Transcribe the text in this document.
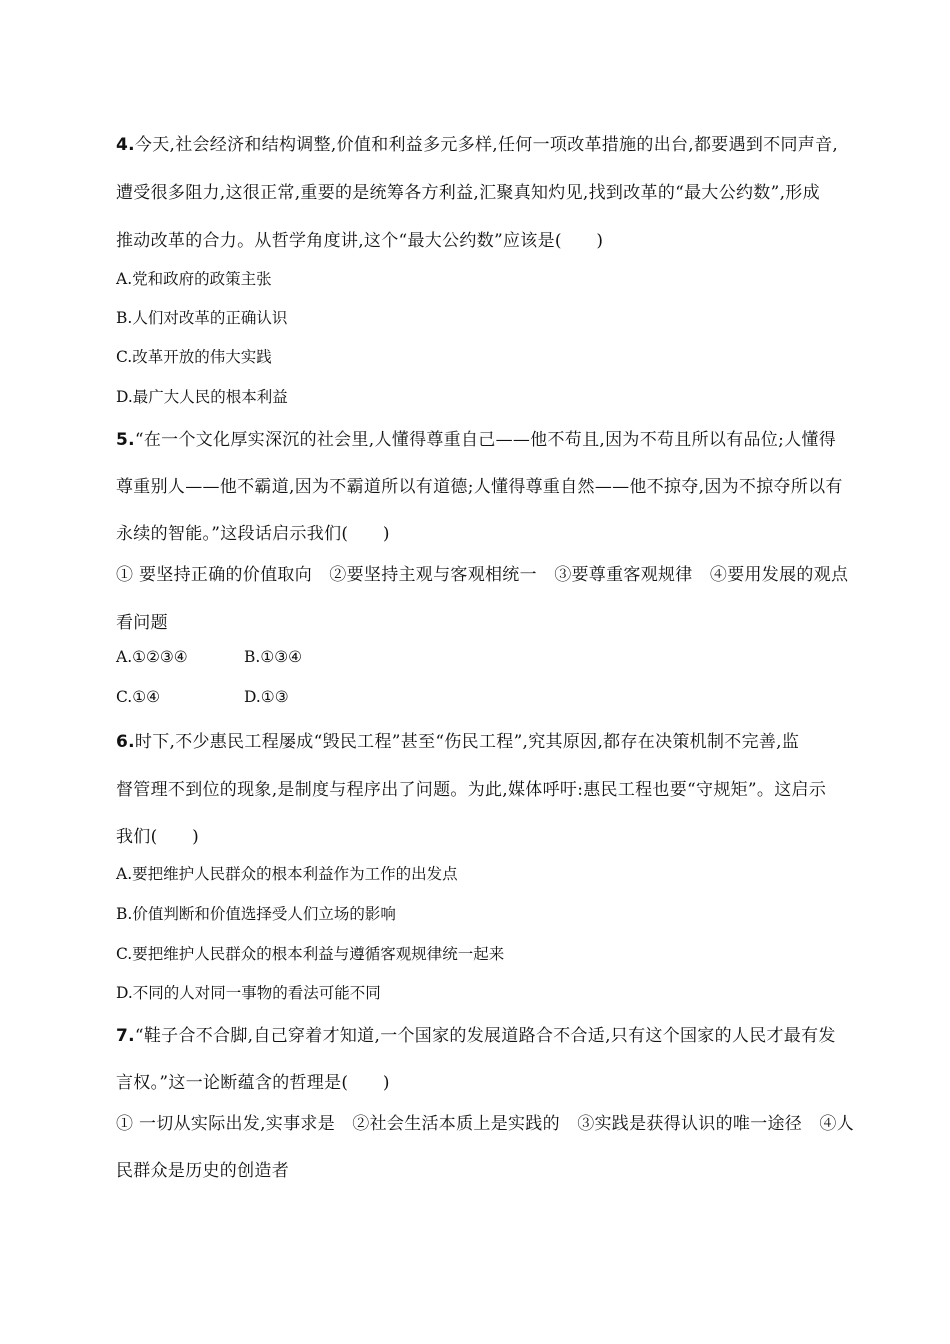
4.今天,社会经济和结构调整,价值和利益多元多样,任何一项改革措施的出台,都要遇到不同声音,
遭受很多阻力,这很正常,重要的是统筹各方利益,汇聚真知灼见,找到改革的“最大公约数”,形成
推动改革的合力。从哲学角度讲,这个“最大公约数”应该是(　　)
A.党和政府的政策主张
B.人们对改革的正确认识
C.改革开放的伟大实践
D.最广大人民的根本利益
5.“在一个文化厚实深沉的社会里,人懂得尊重自己——他不苟且,因为不苟且所以有品位;人懂得
尊重别人——他不霸道,因为不霸道所以有道德;人懂得尊重自然——他不掠夺,因为不掠夺所以有
永续的智能。”这段话启示我们(　　)
① 要坚持正确的价值取向　②要坚持主观与客观相统一　③要尊重客观规律　④要用发展的观点
看问题
A.①②③④	B.①③④
C.①④	D.①③
6.时下,不少惠民工程屡成“毁民工程”甚至“伤民工程”,究其原因,都存在决策机制不完善,监
督管理不到位的现象,是制度与程序出了问题。为此,媒体呼吁:惠民工程也要“守规矩”。这启示
我们(　　)
A.要把维护人民群众的根本利益作为工作的出发点
B.价值判断和价值选择受人们立场的影响
C.要把维护人民群众的根本利益与遵循客观规律统一起来
D.不同的人对同一事物的看法可能不同
7.“鞋子合不合脚,自己穿着才知道,一个国家的发展道路合不合适,只有这个国家的人民才最有发
言权。”这一论断蕴含的哲理是(　　)
① 一切从实际出发,实事求是　②社会生活本质上是实践的　③实践是获得认识的唯一途径　④人
民群众是历史的创造者
